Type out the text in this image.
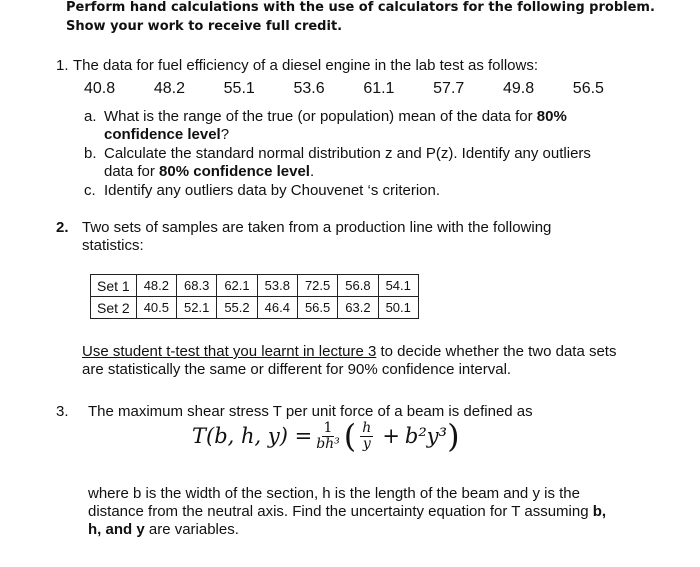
Perform hand calculations with the use of calculators for the following problem.
Show your work to receive full credit.
1. The data for fuel efficiency of a diesel engine in the lab test as follows:
40.8 48.2 55.1 53.6 61.1 57.7 49.8 56.5
a. What is the range of the true (or population) mean of the data for 80%
confidence level?
b. Calculate the standard normal distribution z and P(z). Identify any outliers
data for 80% confidence level.
c. Identify any outliers data by Chouvenet ‘s criterion.
2. Two sets of samples are taken from a production line with the following
statistics:
Set 1	48.2	68.3	62.1	53.8	72.5	56.8	54.1
Set 2	40.5	52.1	55.2	46.4	56.5	63.2	50.1
Use student t-test that you learnt in lecture 3 to decide whether the two data sets
are statistically the same or different for 90% confidence interval.
3. The maximum shear stress T per unit force of a beam is defined as
T(b, h, $y) = \frac{1}{\text{bh³}}$ ( $\frac{h}{y} + b^2y^3$ )
where b is the width of the section, h is the length of the beam and y is the
distance from the neutral axis. Find the uncertainty equation for T assuming b,
h, and y are variables.
